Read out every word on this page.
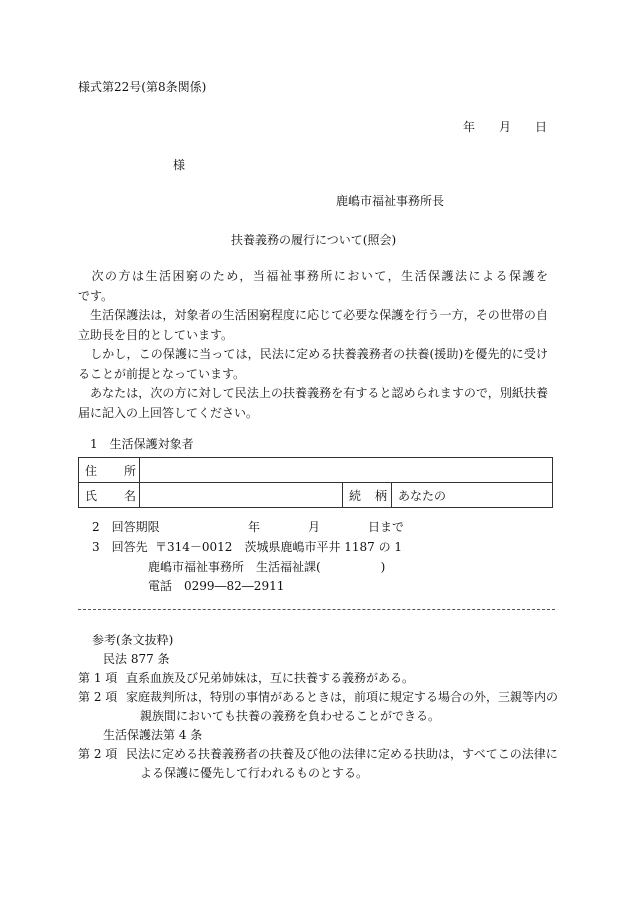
様式第22号(第8条関係)
年　　月　　日
様
鹿嶋市福祉事務所長
扶養義務の履行について(照会)
　次の方は生活困窮のため，当福祉事務所において，生活保護法による保護を　　　　　です。
　生活保護法は，対象者の生活困窮程度に応じて必要な保護を行う一方，その世帯の自立助長を目的としています。
　しかし，この保護に当っては，民法に定める扶養義務者の扶養(援助)を優先的に受けることが前提となっています。
　あなたは，次の方に対して民法上の扶養義務を有すると認められますので，別紙扶養届に記入の上回答してください。
1　生活保護対象者
住　　所			
氏　　名		続　柄	あなたの
2　回答期限	年　　　　月　　　　日まで
3　回答先 〒314－0012　茨城県鹿嶋市平井 1187 の 1
鹿嶋市福祉事務所　生活福祉課(　　　　　)
電話　0299―82―2911
参考(条文抜粋)
民法 877 条
第 1 項 直系血族及び兄弟姉妹は，互に扶養する義務がある。
第 2 項 家庭裁判所は，特別の事情があるときは，前項に規定する場合の外，三親等内の
親族間においても扶養の義務を負わせることができる。
生活保護法第 4 条
第 2 項 民法に定める扶養義務者の扶養及び他の法律に定める扶助は，すべてこの法律に
よる保護に優先して行われるものとする。
